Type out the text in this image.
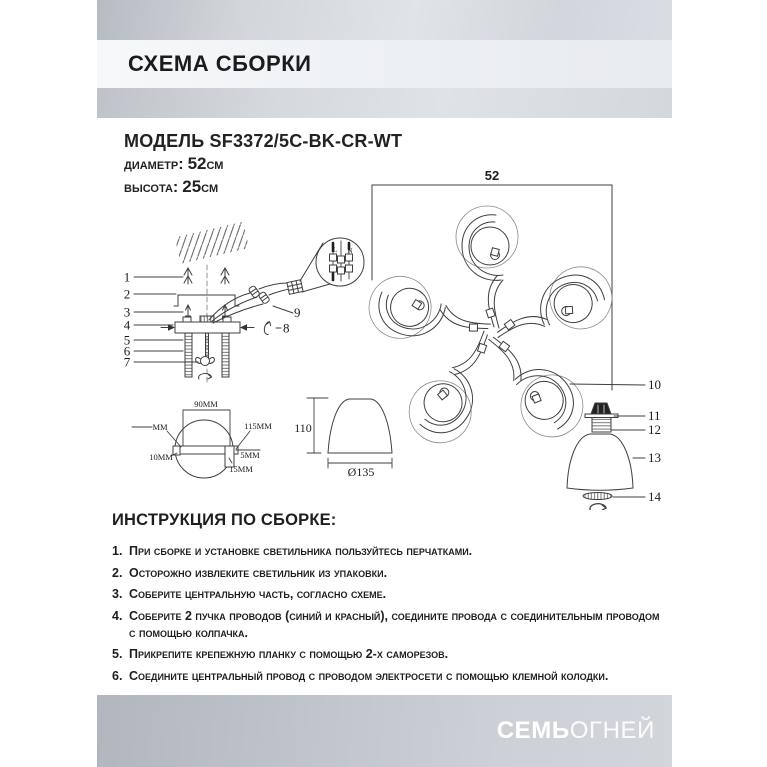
СХЕМА СБОРКИ
МОДЕЛЬ SF3372/5C-BK-CR-WT
диаметр: 52см
высота: 25см
L N
1
2
3
4
5
6
7
8
9
52
10
11
12
13
14
90MM
MM	115MM
10MM	5MM
15MM
110
Ø135
ИНСТРУКЦИЯ ПО СБОРКЕ:
1. При сборке и установке светильника пользуйтесь перчатками.
2. Осторожно извлеките светильник из упаковки.
3. Соберите центральную часть, согласно схеме.
4. Соберите 2 пучка проводов (синий и красный), соедините провода с соединительным проводом с помощью колпачка.
5. Прикрепите крепежную планку с помощью 2-х саморезов.
6. Соедините центральный провод с проводом электросети с помощью клемной колодки.
СЕМЬОГНЕЙ
